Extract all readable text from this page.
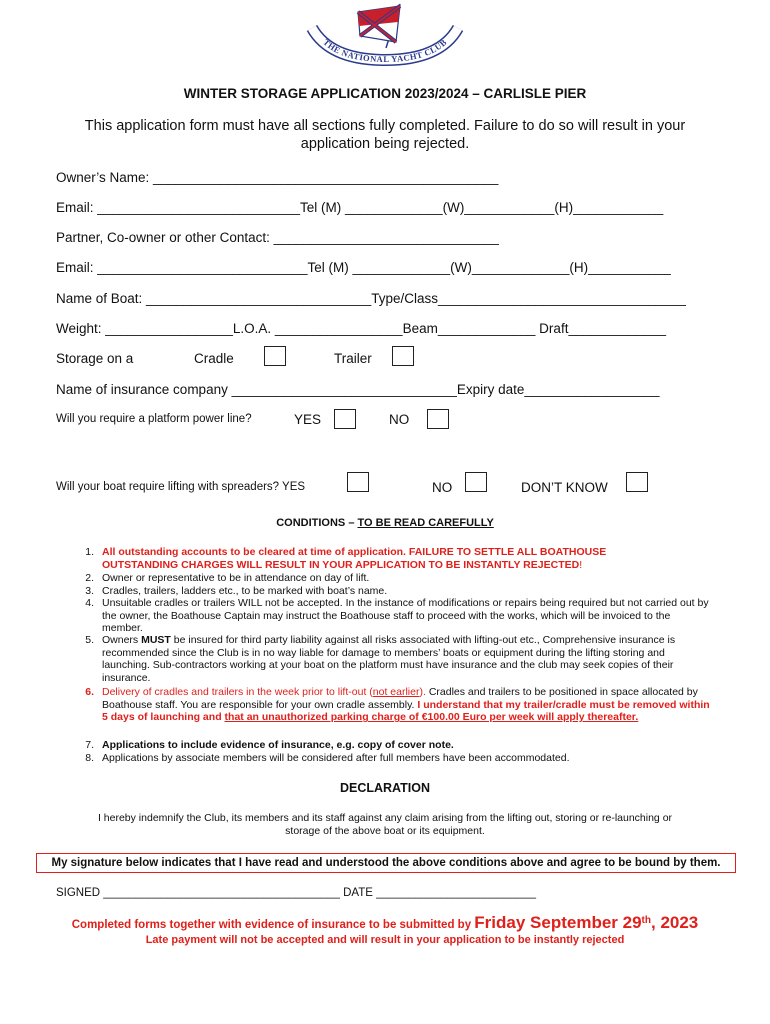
THE NATIONAL YACHT CLUB
WINTER STORAGE APPLICATION 2023/2024 – CARLISLE PIER
This application form must have all sections fully completed. Failure to do so will result in your
application being rejected.
Owner’s Name: ______________________________________________
Email: ___________________________Tel (M) _____________(W)____________(H)____________
Partner, Co-owner or other Contact: ______________________________
Email: ____________________________Tel (M) _____________(W)_____________(H)___________
Name of Boat: ______________________________Type/Class_________________________________
Weight: _________________L.O.A. _________________Beam_____________ Draft_____________
Storage on a	Cradle	Trailer
Name of insurance company ______________________________Expiry date__________________
Will you require a platform power line?	YES	NO
Will your boat require lifting with spreaders? YES	NO	DON’T KNOW
CONDITIONS – TO BE READ CAREFULLY
1. All outstanding accounts to be cleared at time of application. FAILURE TO SETTLE ALL BOATHOUSE
OUTSTANDING CHARGES WILL RESULT IN YOUR APPLICATION TO BE INSTANTLY REJECTED!
2. Owner or representative to be in attendance on day of lift.
3. Cradles, trailers, ladders etc., to be marked with boat’s name.
4. Unsuitable cradles or trailers WILL not be accepted. In the instance of modifications or repairs being required but not carried out by the owner, the Boathouse Captain may instruct the Boathouse staff to proceed with the works, which will be invoiced to the member.
5. Owners MUST be insured for third party liability against all risks associated with lifting-out etc., Comprehensive insurance is recommended since the Club is in no way liable for damage to members’ boats or equipment during the lifting storing and launching. Sub-contractors working at your boat on the platform must have insurance and the club may seek copies of their insurance.
6. Delivery of cradles and trailers in the week prior to lift-out (not earlier). Cradles and trailers to be positioned in space allocated by Boathouse staff. You are responsible for your own cradle assembly. I understand that my trailer/cradle must be removed within 5 days of launching and that an unauthorized parking charge of €100.00 Euro per week will apply thereafter.
7. Applications to include evidence of insurance, e.g. copy of cover note.
8. Applications by associate members will be considered after full members have been accommodated.
DECLARATION
I hereby indemnify the Club, its members and its staff against any claim arising from the lifting out, storing or re-launching or
storage of the above boat or its equipment.
My signature below indicates that I have read and understood the above conditions above and agree to be bound by them.
SIGNED _____________________________________ DATE _________________________
Completed forms together with evidence of insurance to be submitted by Friday September 29th, 2023
Late payment will not be accepted and will result in your application to be instantly rejected
